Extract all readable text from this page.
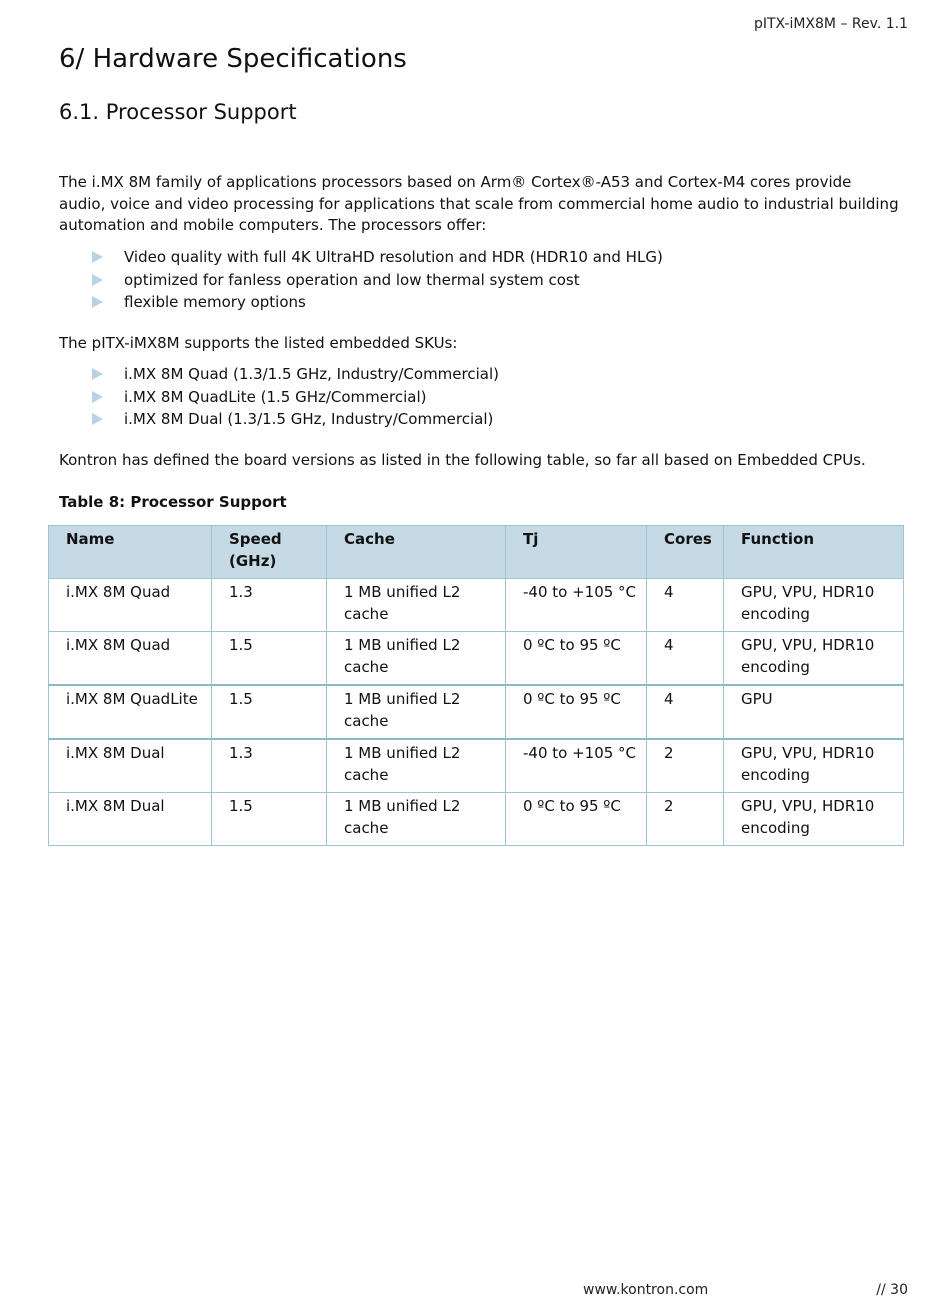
pITX-iMX8M – Rev. 1.1
6/ Hardware Specifications
6.1. Processor Support

The i.MX 8M family of applications processors based on Arm® Cortex®-A53 and Cortex-M4 cores provide audio, voice and video processing for applications that scale from commercial home audio to industrial building automation and mobile computers. The processors offer:

Video quality with full 4K UltraHD resolution and HDR (HDR10 and HLG)
optimized for fanless operation and low thermal system cost
flexible memory options

The pITX-iMX8M supports the listed embedded SKUs:

i.MX 8M Quad (1.3/1.5 GHz, Industry/Commercial)
i.MX 8M QuadLite (1.5 GHz/Commercial)
i.MX 8M Dual (1.3/1.5 GHz, Industry/Commercial)

Kontron has defined the board versions as listed in the following table, so far all based on Embedded CPUs.

Table 8: Processor Support
Name	Speed (GHz)	Cache	Tj	Cores	Function
i.MX 8M Quad	1.3	1 MB unified L2 cache	-40 to +105 °C	4	GPU, VPU, HDR10 encoding
i.MX 8M Quad	1.5	1 MB unified L2 cache	0 ºC to 95 ºC	4	GPU, VPU, HDR10 encoding
i.MX 8M QuadLite	1.5	1 MB unified L2 cache	0 ºC to 95 ºC	4	GPU
i.MX 8M Dual	1.3	1 MB unified L2 cache	-40 to +105 °C	2	GPU, VPU, HDR10 encoding
i.MX 8M Dual	1.5	1 MB unified L2 cache	0 ºC to 95 ºC	2	GPU, VPU, HDR10 encoding
www.kontron.com	// 30
